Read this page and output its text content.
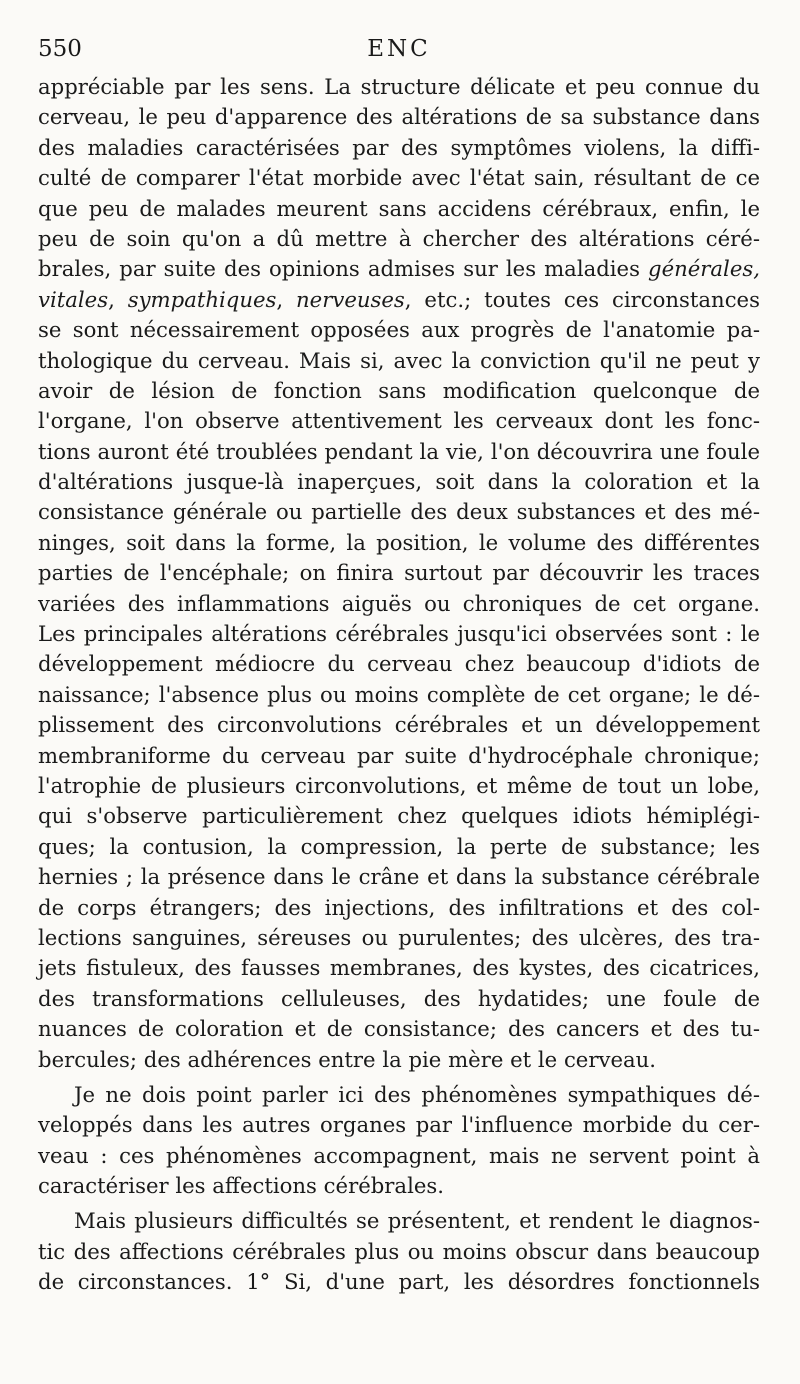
550	ENC
appréciable par les sens. La structure délicate et peu connue du
cerveau, le peu d'apparence des altérations de sa substance dans
des maladies caractérisées par des symptômes violens, la diffi-
culté de comparer l'état morbide avec l'état sain, résultant de ce
que peu de malades meurent sans accidens cérébraux, enfin, le
peu de soin qu'on a dû mettre à chercher des altérations céré-
brales, par suite des opinions admises sur les maladies générales,
vitales, sympathiques, nerveuses, etc.; toutes ces circonstances
se sont nécessairement opposées aux progrès de l'anatomie pa-
thologique du cerveau. Mais si, avec la conviction qu'il ne peut y
avoir de lésion de fonction sans modification quelconque de
l'organe, l'on observe attentivement les cerveaux dont les fonc-
tions auront été troublées pendant la vie, l'on découvrira une foule
d'altérations jusque-là inaperçues, soit dans la coloration et la
consistance générale ou partielle des deux substances et des mé-
ninges, soit dans la forme, la position, le volume des différentes
parties de l'encéphale; on finira surtout par découvrir les traces
variées des inflammations aiguës ou chroniques de cet organe.
Les principales altérations cérébrales jusqu'ici observées sont : le
développement médiocre du cerveau chez beaucoup d'idiots de
naissance; l'absence plus ou moins complète de cet organe; le dé-
plissement des circonvolutions cérébrales et un développement
membraniforme du cerveau par suite d'hydrocéphale chronique;
l'atrophie de plusieurs circonvolutions, et même de tout un lobe,
qui s'observe particulièrement chez quelques idiots hémiplégi-
ques; la contusion, la compression, la perte de substance; les
hernies ; la présence dans le crâne et dans la substance cérébrale
de corps étrangers; des injections, des infiltrations et des col-
lections sanguines, séreuses ou purulentes; des ulcères, des tra-
jets fistuleux, des fausses membranes, des kystes, des cicatrices,
des transformations celluleuses, des hydatides; une foule de
nuances de coloration et de consistance; des cancers et des tu-
bercules; des adhérences entre la pie mère et le cerveau.
Je ne dois point parler ici des phénomènes sympathiques dé-
veloppés dans les autres organes par l'influence morbide du cer-
veau : ces phénomènes accompagnent, mais ne servent point à
caractériser les affections cérébrales.
Mais plusieurs difficultés se présentent, et rendent le diagnos-
tic des affections cérébrales plus ou moins obscur dans beaucoup
de circonstances. 1° Si, d'une part, les désordres fonctionnels
